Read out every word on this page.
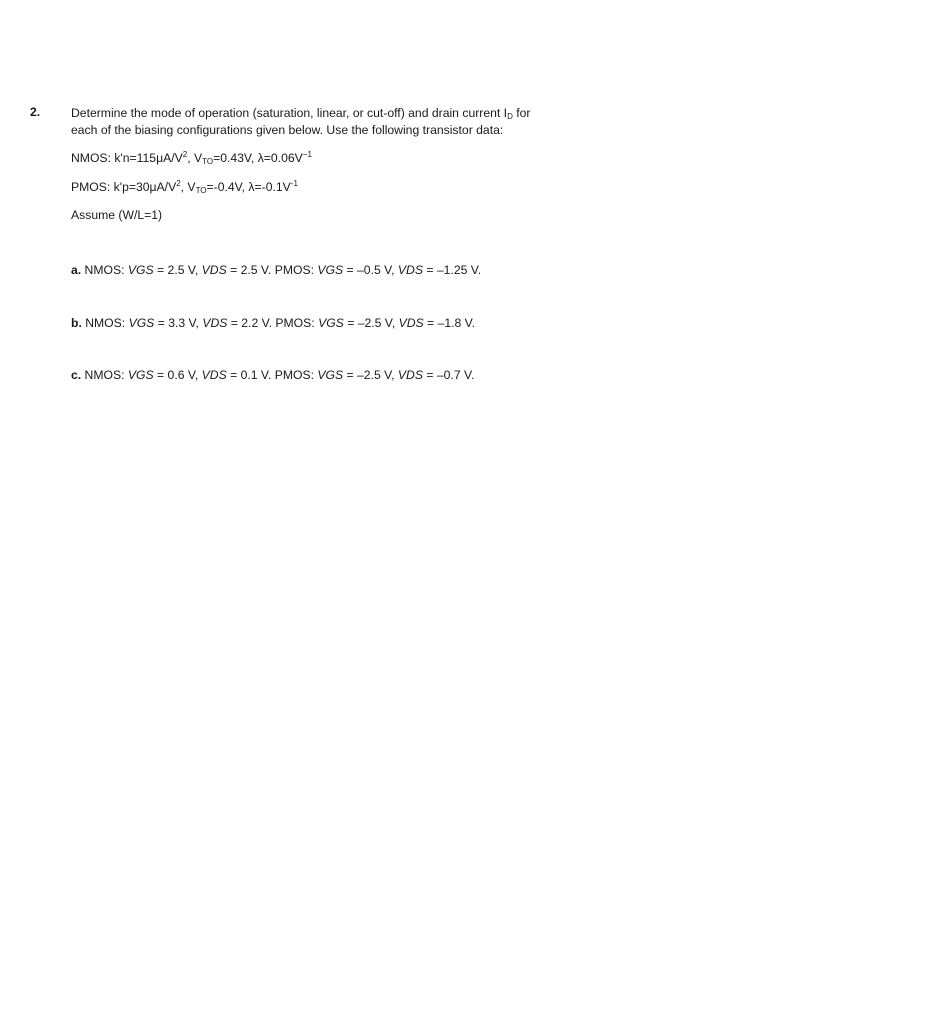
2.	Determine the mode of operation (saturation, linear, or cut-off) and drain current $I_D$ for
each of the biasing configurations given below. Use the following transistor data:
NMOS: $k'n=115\mu A/V^2$, $V_{TO}=0.43V$, $\lambda=0.06V^{-1}$
PMOS: $k'p=30\mu A/V^2$, $V_{TO}=-0.4V$, $\lambda=-0.1V^{-1}$
Assume (W/L=1)
a. NMOS: VGS = 2.5 V, VDS = 2.5 V. PMOS: VGS = –0.5 V, VDS = –1.25 V.
b. NMOS: VGS = 3.3 V, VDS = 2.2 V. PMOS: VGS = –2.5 V, VDS = –1.8 V.
c. NMOS: VGS = 0.6 V, VDS = 0.1 V. PMOS: VGS = –2.5 V, VDS = –0.7 V.
